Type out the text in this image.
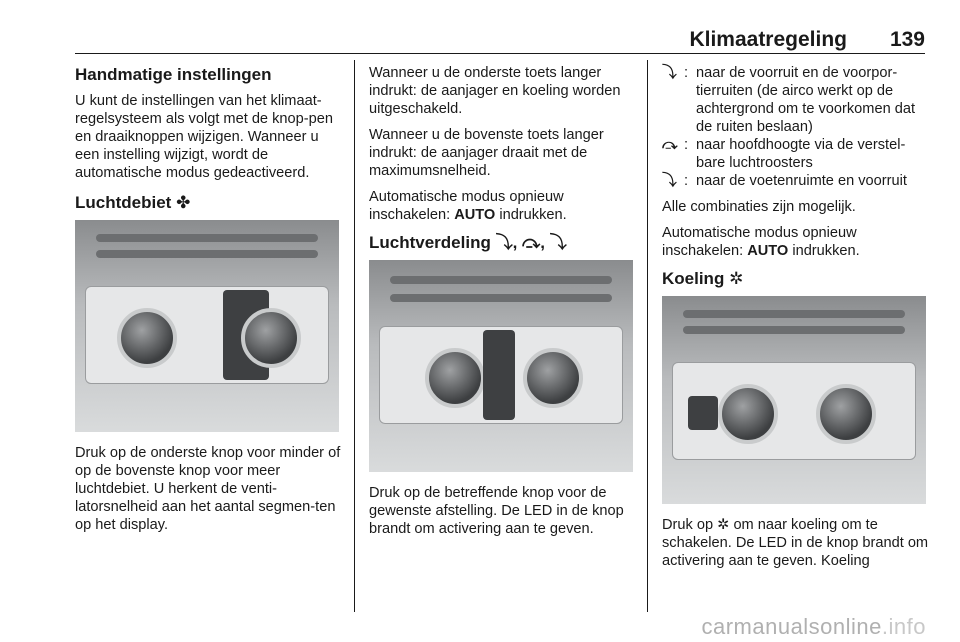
Klimaatregeling 139
Handmatige instellingen

U kunt de instellingen van het klimaat-regelsysteem als volgt met de knop-pen en draaiknoppen wijzigen. Wanneer u een instelling wijzigt, wordt de automatische modus gedeactiveerd.

Luchtdebiet ✤

Druk op de onderste knop voor minder of op de bovenste knop voor meer luchtdebiet. U herkent de venti-latorsnelheid aan het aantal segmen-ten op het display.

Wanneer u de onderste toets langer indrukt: de aanjager en koeling worden uitgeschakeld.

Wanneer u de bovenste toets langer indrukt: de aanjager draait met de maximumsnelheid.

Automatische modus opnieuw inschakelen: AUTO indrukken.

Luchtverdeling ⤵, ⤼, ⤵

Druk op de betreffende knop voor de gewenste afstelling. De LED in de knop brandt om activering aan te geven.

⤵	:	naar de voorruit en de voorpor-tierruiten (de airco werkt op de achtergrond om te voorkomen dat de ruiten beslaan)
⤼	:	naar hoofdhoogte via de verstel-bare luchtroosters
⤵	:	naar de voetenruimte en voorruit

Alle combinaties zijn mogelijk.

Automatische modus opnieuw inschakelen: AUTO indrukken.

Koeling ✲

Druk op ✲ om naar koeling om te schakelen. De LED in de knop brandt om activering aan te geven. Koeling

carmanualsonline.info
